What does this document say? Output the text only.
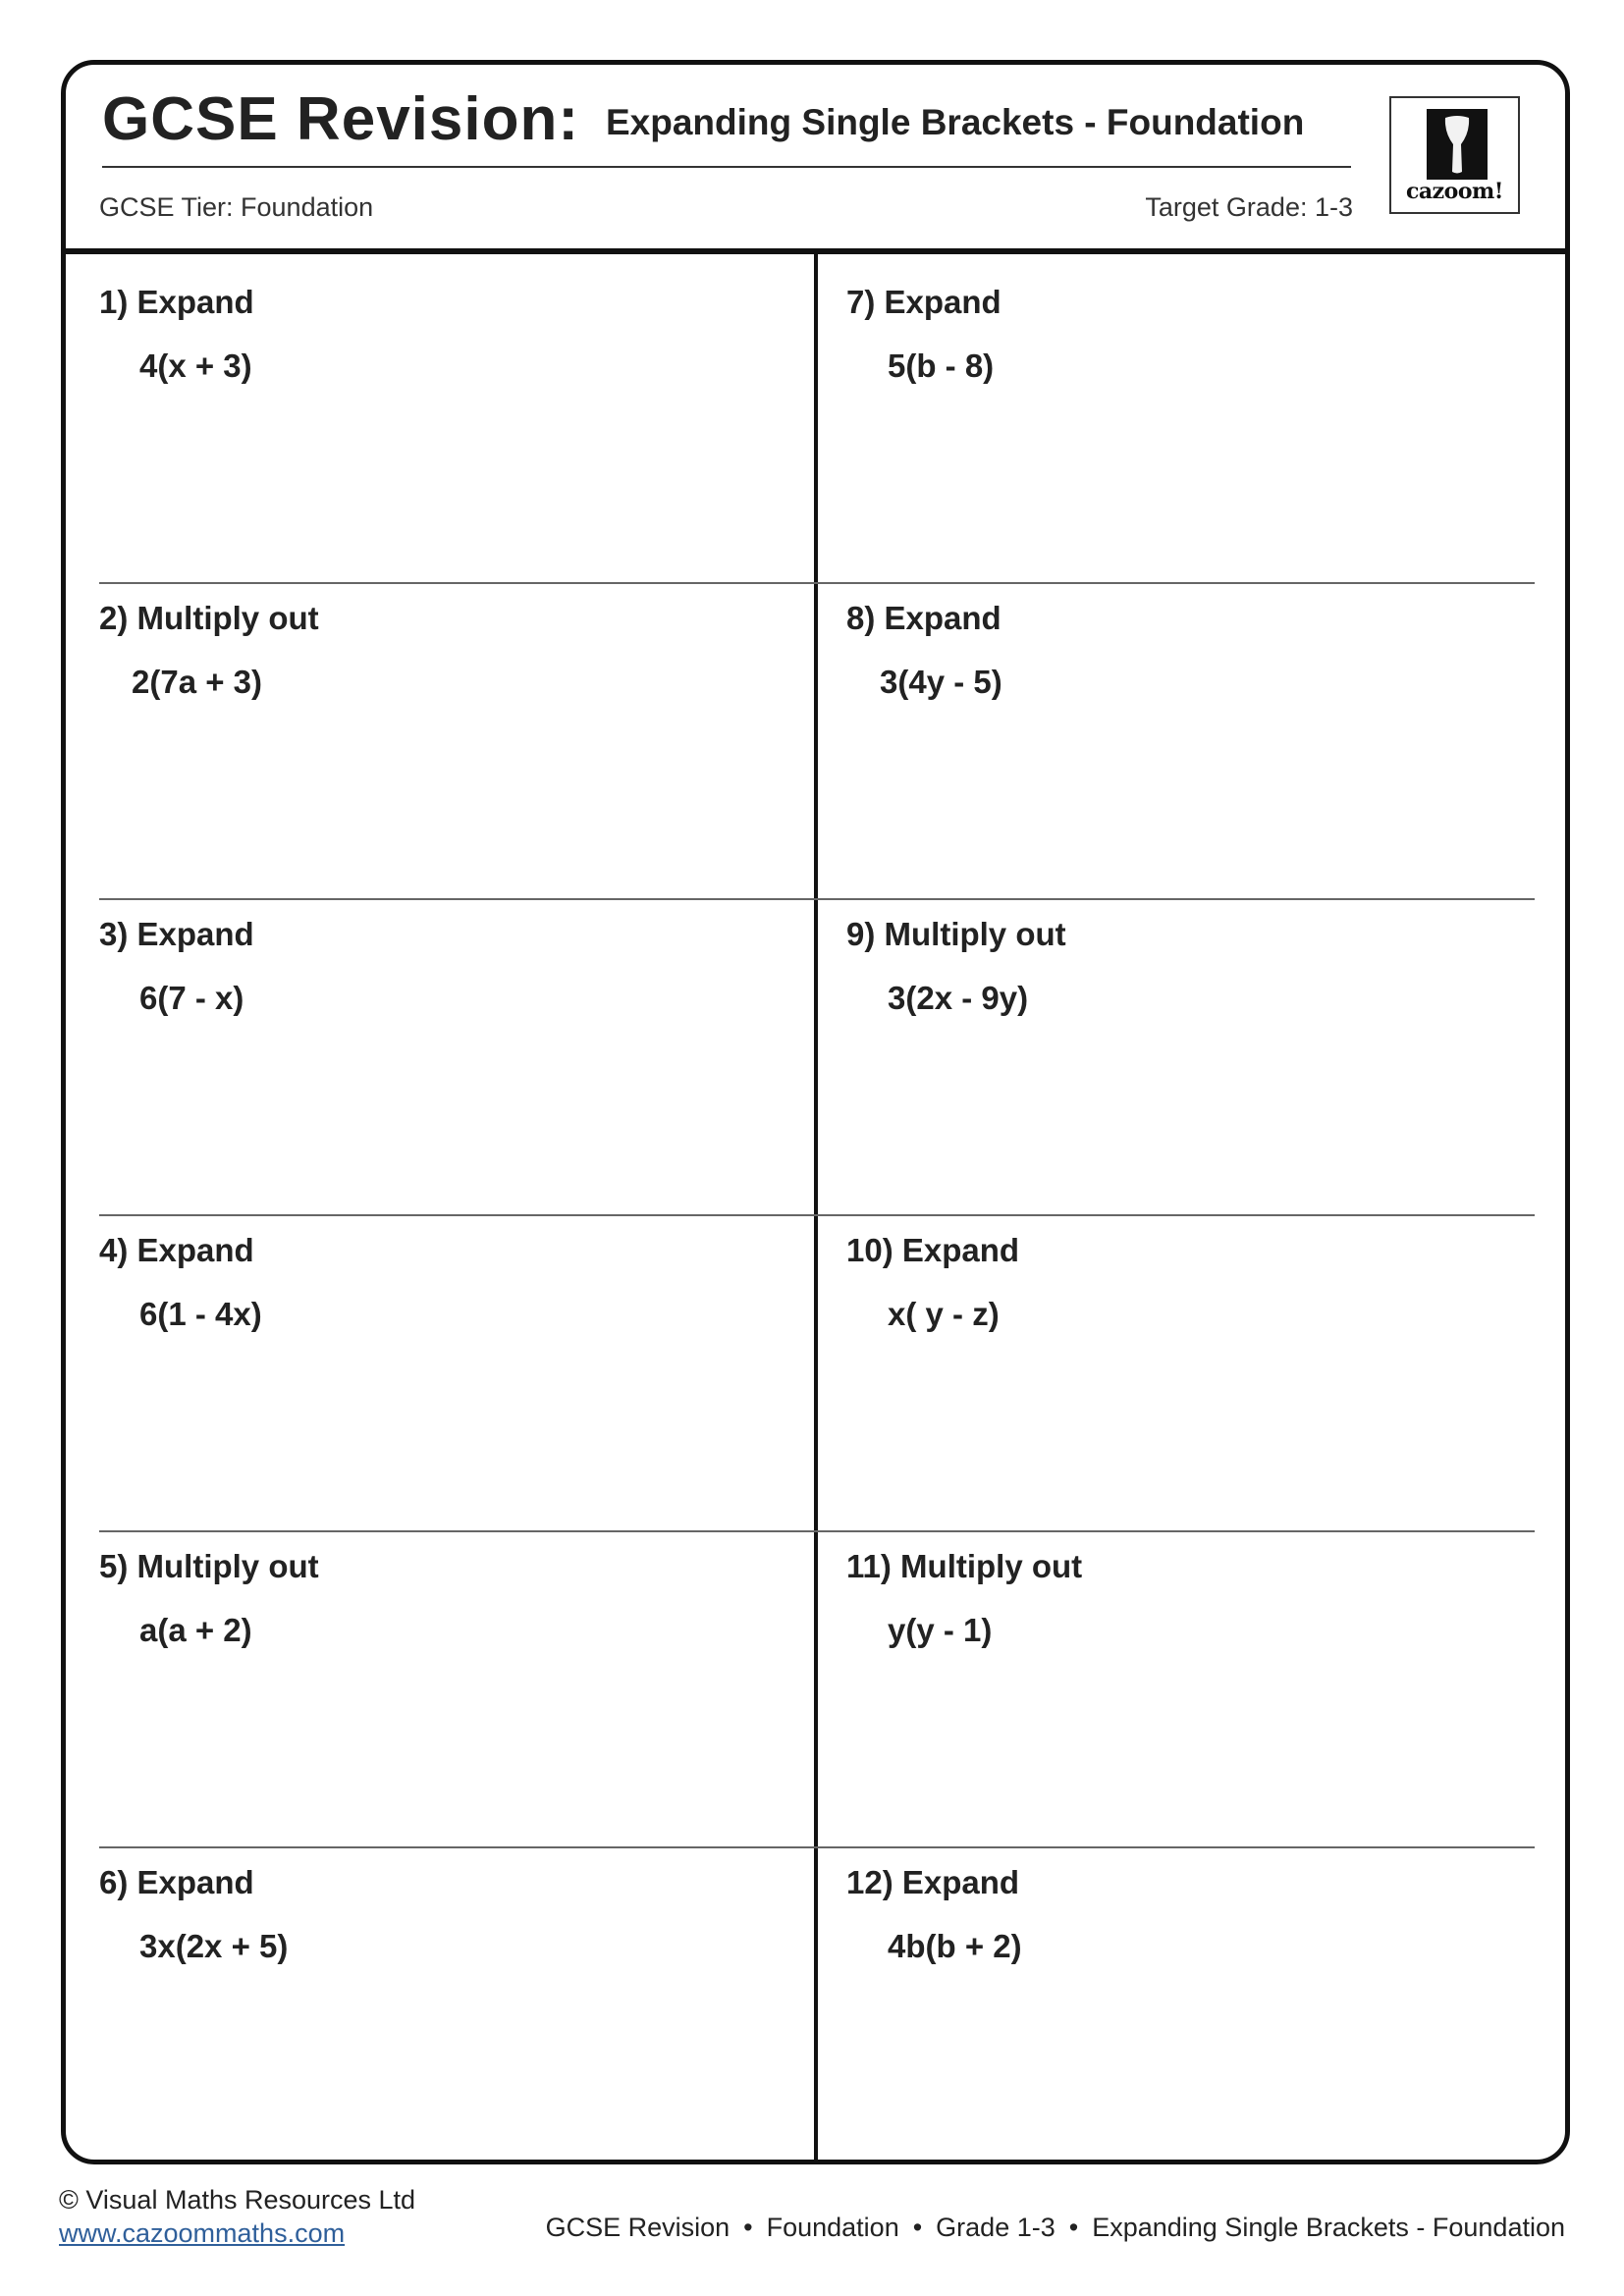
GCSE Revision: Expanding Single Brackets - Foundation
GCSE Tier: Foundation	Target Grade: 1-3
cazoom!
1) Expand
4(x + 3)
2) Multiply out
2(7a + 3)
3) Expand
6(7 - x)
4) Expand
6(1 - 4x)
5) Multiply out
a(a + 2)
6) Expand
3x(2x + 5)
7) Expand
5(b - 8)
8) Expand
3(4y - 5)
9) Multiply out
3(2x - 9y)
10) Expand
x( y - z)
11) Multiply out
y(y - 1)
12) Expand
4b(b + 2)
© Visual Maths Resources Ltd
www.cazoommaths.com	GCSE Revision • Foundation • Grade 1-3 • Expanding Single Brackets - Foundation
